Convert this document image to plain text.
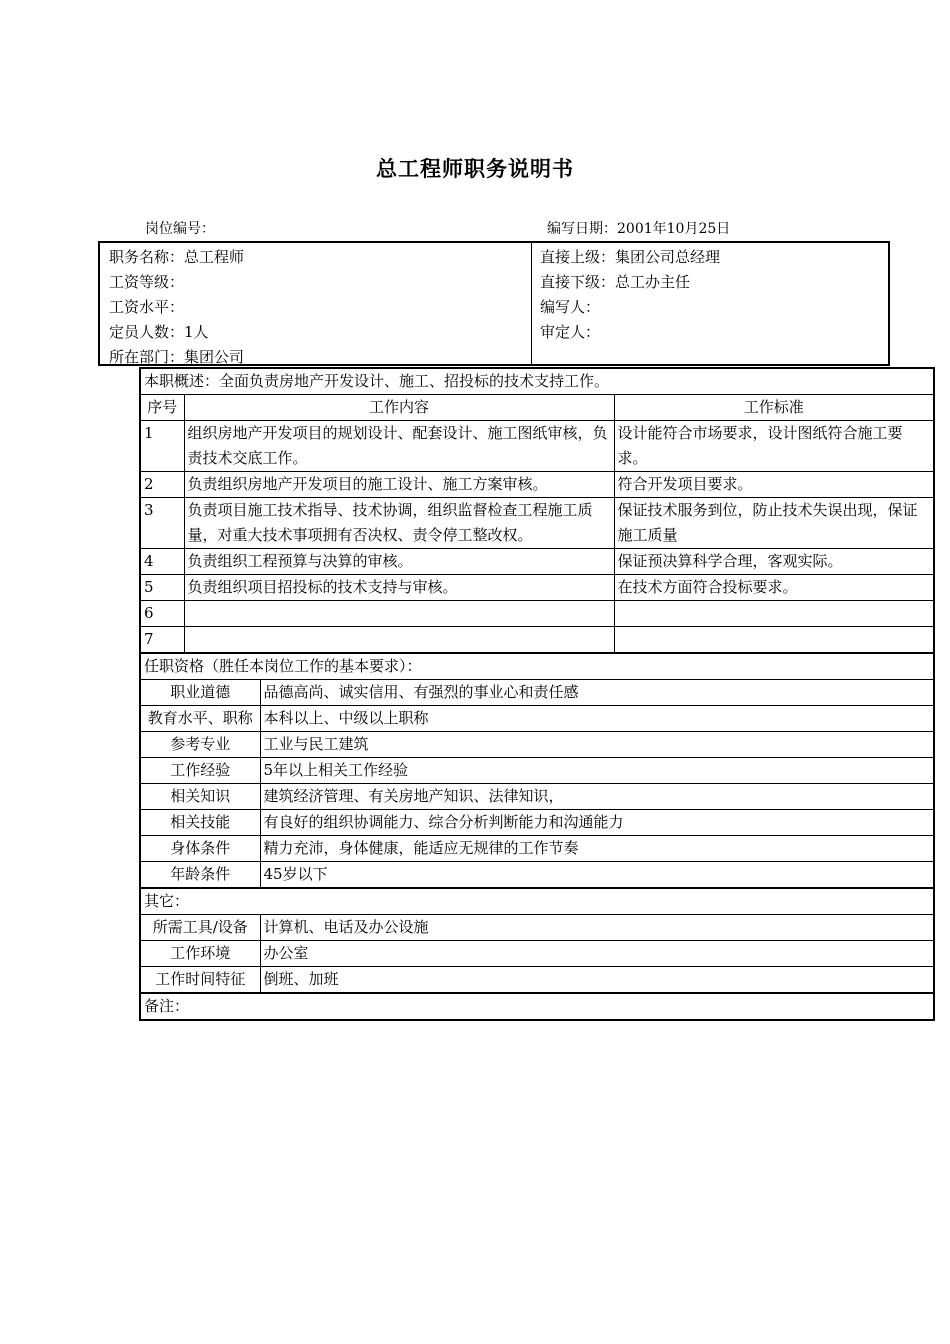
总工程师职务说明书
岗位编号：	编写日期：2001年10月25日
职务名称：总工程师
工资等级：
工资水平：
定员人数：1人
所在部门：集团公司
直接上级：集团公司总经理
直接下级：总工办主任
编写人：
审定人：
本职概述：全面负责房地产开发设计、施工、招投标的技术支持工作。			
序号	工作内容		工作标准
1	组织房地产开发项目的规划设计、配套设计、施工图纸审核，负责技术交底工作。		设计能符合市场要求，设计图纸符合施工要求。
2	负责组织房地产开发项目的施工设计、施工方案审核。		符合开发项目要求。
3	负责项目施工技术指导、技术协调，组织监督检查工程施工质量，对重大技术事项拥有否决权、责令停工整改权。		保证技术服务到位，防止技术失误出现，保证施工质量
4	负责组织工程预算与决算的审核。		保证预决算科学合理，客观实际。
5	负责组织项目招投标的技术支持与审核。		在技术方面符合投标要求。
6			
7			
任职资格（胜任本岗位工作的基本要求）：			
职业道德		品德高尚、诚实信用、有强烈的事业心和责任感	
教育水平、职称		本科以上、中级以上职称	
参考专业		工业与民工建筑	
工作经验		5年以上相关工作经验	
相关知识		建筑经济管理、有关房地产知识、法律知识，	
相关技能		有良好的组织协调能力、综合分析判断能力和沟通能力	
身体条件		精力充沛，身体健康，能适应无规律的工作节奏	
年龄条件		45岁以下	
其它：			
所需工具/设备		计算机、电话及办公设施	
工作环境		办公室	
工作时间特征		倒班、加班	
备注：			
